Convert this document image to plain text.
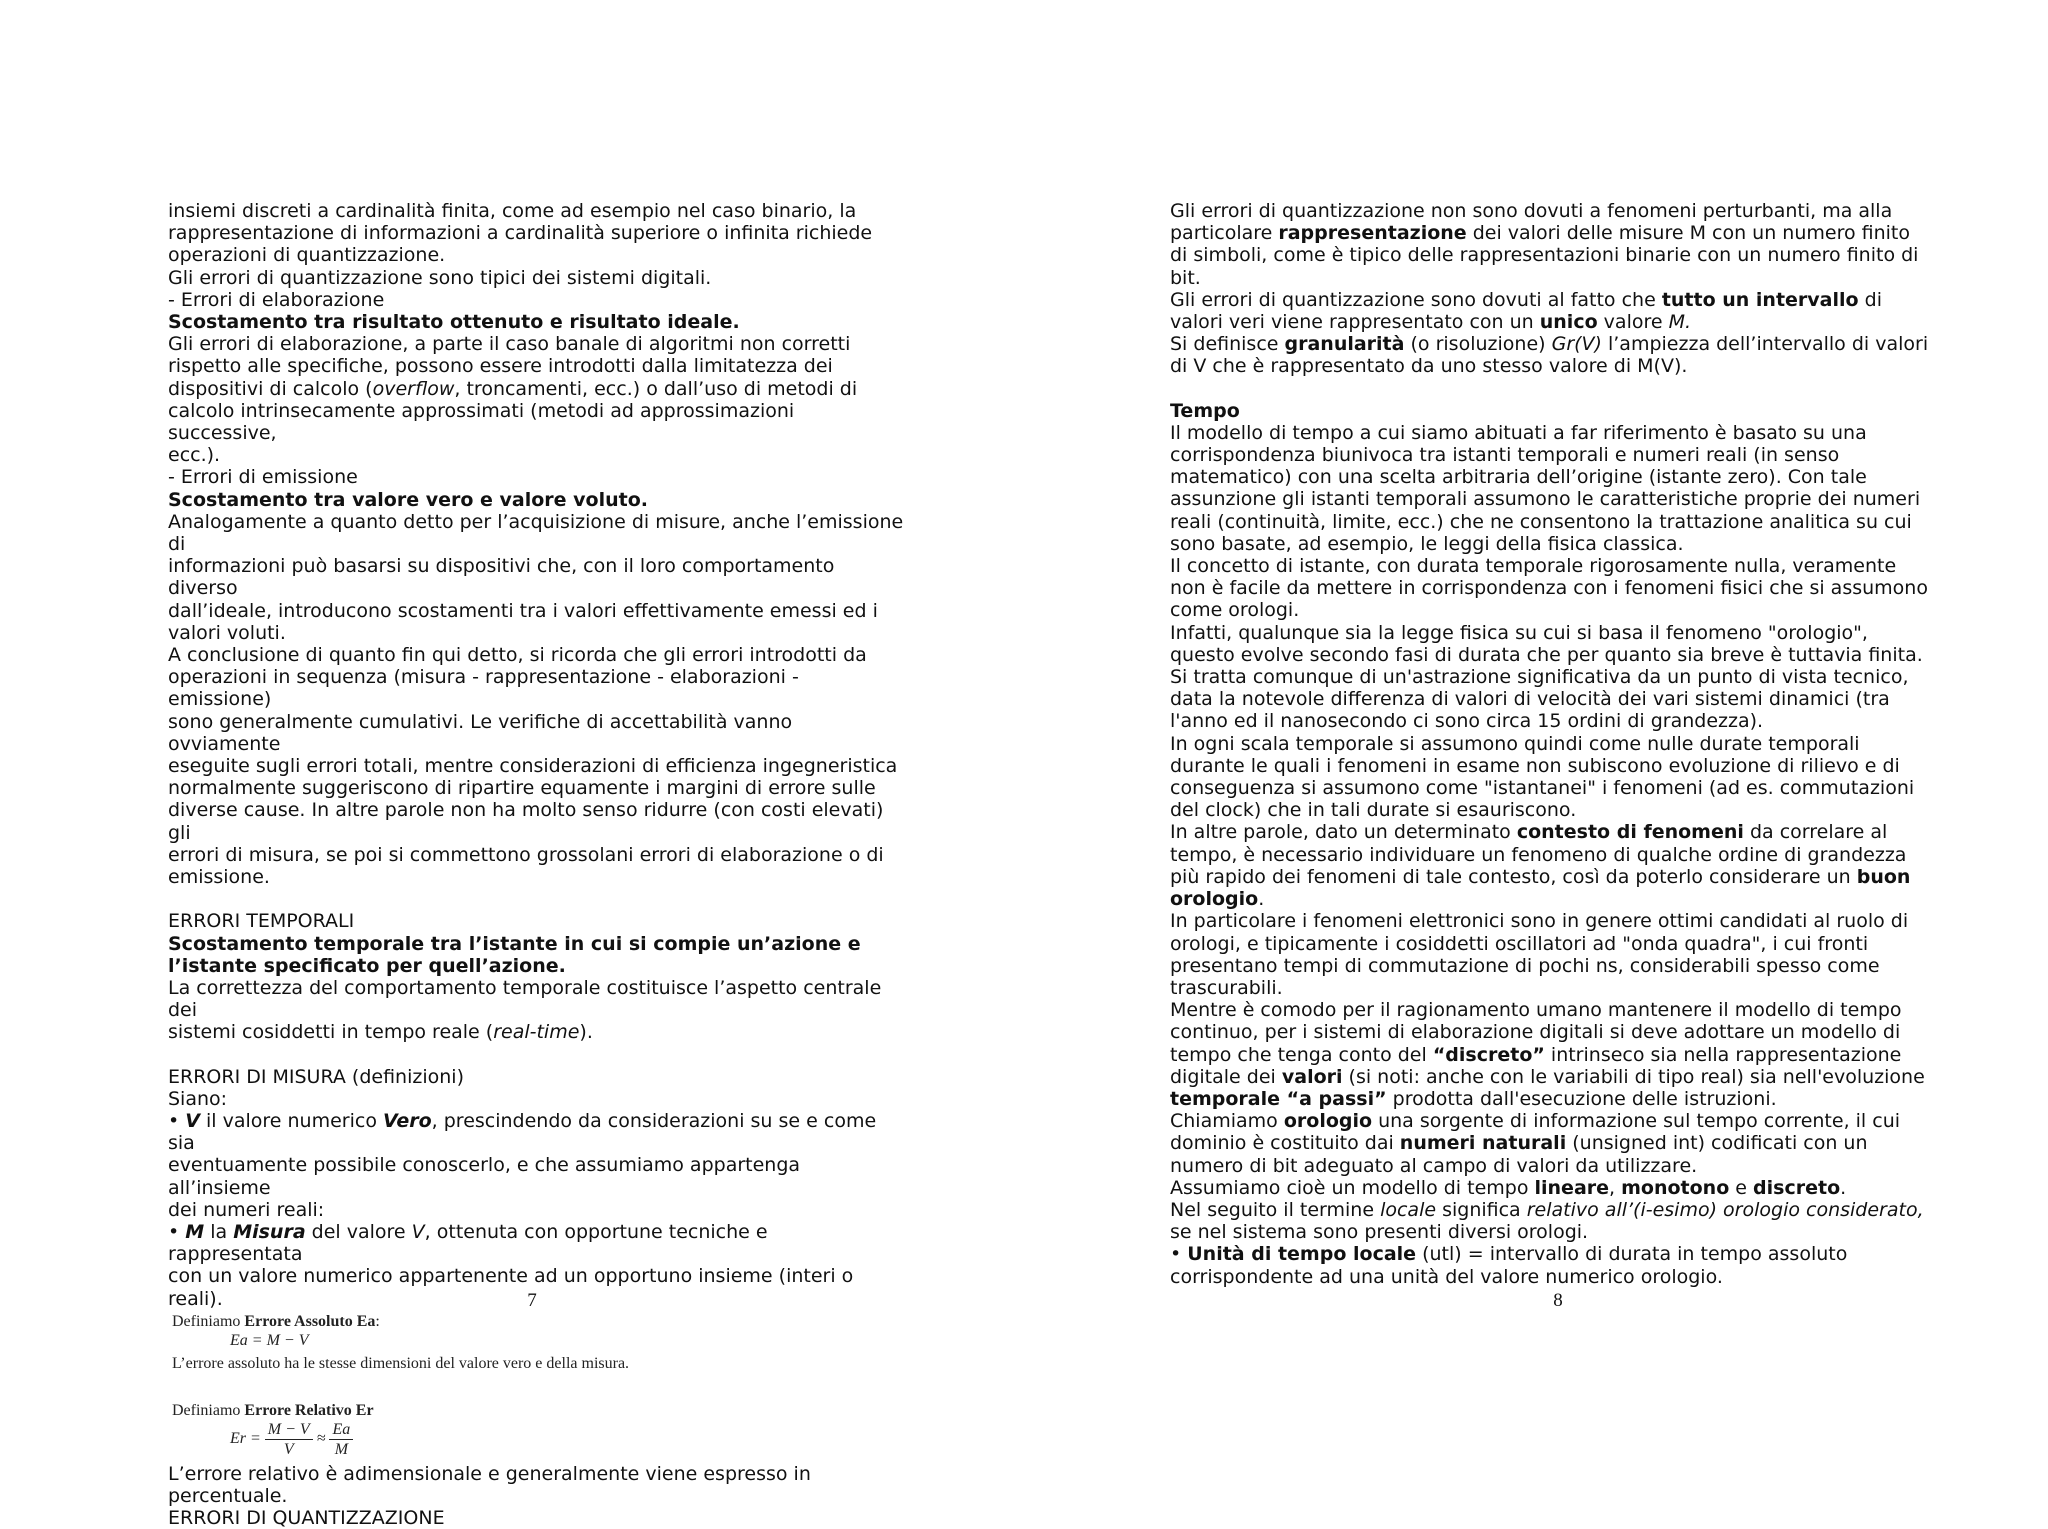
insiemi discreti a cardinalità finita, come ad esempio nel caso binario, la
rappresentazione di informazioni a cardinalità superiore o infinita richiede
operazioni di quantizzazione.
Gli errori di quantizzazione sono tipici dei sistemi digitali.
- Errori di elaborazione

Scostamento tra risultato ottenuto e risultato ideale.

Gli errori di elaborazione, a parte il caso banale di algoritmi non corretti
rispetto alle specifiche, possono essere introdotti dalla limitatezza dei
dispositivi di calcolo (overflow, troncamenti, ecc.) o dall’uso di metodi di
calcolo intrinsecamente approssimati (metodi ad approssimazioni successive,
ecc.).
- Errori di emissione

Scostamento tra valore vero e valore voluto.

Analogamente a quanto detto per l’acquisizione di misure, anche l’emissione di
informazioni può basarsi su dispositivi che, con il loro comportamento diverso
dall’ideale, introducono scostamenti tra i valori effettivamente emessi ed i
valori voluti.
A conclusione di quanto fin qui detto, si ricorda che gli errori introdotti da
operazioni in sequenza (misura - rappresentazione - elaborazioni - emissione)
sono generalmente cumulativi. Le verifiche di accettabilità vanno ovviamente
eseguite sugli errori totali, mentre considerazioni di efficienza ingegneristica
normalmente suggeriscono di ripartire equamente i margini di errore sulle
diverse cause. In altre parole non ha molto senso ridurre (con costi elevati) gli
errori di misura, se poi si commettono grossolani errori di elaborazione o di
emissione.

ERRORI TEMPORALI

Scostamento temporale tra l’istante in cui si compie un’azione e
l’istante specificato per quell’azione.

La correttezza del comportamento temporale costituisce l’aspetto centrale dei
sistemi cosiddetti in tempo reale (real-time).

ERRORI DI MISURA (definizioni)

Siano:

• V il valore numerico Vero, prescindendo da considerazioni su se e come sia
eventuamente possibile conoscerlo, e che assumiamo appartenga all’insieme
dei numeri reali:

• M la Misura del valore V, ottenuta con opportune tecniche e rappresentata
con un valore numerico appartenente ad un opportuno insieme (interi o reali).

Definiamo Errore Assoluto Ea:
Ea = M − V
L’errore assoluto ha le stesse dimensioni del valore vero e della misura.
Definiamo Errore Relativo Er
$Er = \frac{M - V}{V} \approx \frac{Ea}{M}$

L’errore relativo è adimensionale e generalmente viene espresso in
percentuale.

ERRORI DI QUANTIZZAZIONE

7

Gli errori di quantizzazione non sono dovuti a fenomeni perturbanti, ma alla
particolare rappresentazione dei valori delle misure M con un numero finito
di simboli, come è tipico delle rappresentazioni binarie con un numero finito di
bit.
Gli errori di quantizzazione sono dovuti al fatto che tutto un intervallo di
valori veri viene rappresentato con un unico valore M.
Si definisce granularità (o risoluzione) Gr(V) l’ampiezza dell’intervallo di valori
di V che è rappresentato da uno stesso valore di M(V).

Tempo

Il modello di tempo a cui siamo abituati a far riferimento è basato su una
corrispondenza biunivoca tra istanti temporali e numeri reali (in senso
matematico) con una scelta arbitraria dell’origine (istante zero). Con tale
assunzione gli istanti temporali assumono le caratteristiche proprie dei numeri
reali (continuità, limite, ecc.) che ne consentono la trattazione analitica su cui
sono basate, ad esempio, le leggi della fisica classica.
Il concetto di istante, con durata temporale rigorosamente nulla, veramente
non è facile da mettere in corrispondenza con i fenomeni fisici che si assumono
come orologi.
Infatti, qualunque sia la legge fisica su cui si basa il fenomeno "orologio",
questo evolve secondo fasi di durata che per quanto sia breve è tuttavia finita.
Si tratta comunque di un'astrazione significativa da un punto di vista tecnico,
data la notevole differenza di valori di velocità dei vari sistemi dinamici (tra
l'anno ed il nanosecondo ci sono circa 15 ordini di grandezza).
In ogni scala temporale si assumono quindi come nulle durate temporali
durante le quali i fenomeni in esame non subiscono evoluzione di rilievo e di
conseguenza si assumono come "istantanei" i fenomeni (ad es. commutazioni
del clock) che in tali durate si esauriscono.
In altre parole, dato un determinato contesto di fenomeni da correlare al
tempo, è necessario individuare un fenomeno di qualche ordine di grandezza
più rapido dei fenomeni di tale contesto, così da poterlo considerare un buon
orologio.
In particolare i fenomeni elettronici sono in genere ottimi candidati al ruolo di
orologi, e tipicamente i cosiddetti oscillatori ad "onda quadra", i cui fronti
presentano tempi di commutazione di pochi ns, considerabili spesso come
trascurabili.
Mentre è comodo per il ragionamento umano mantenere il modello di tempo
continuo, per i sistemi di elaborazione digitali si deve adottare un modello di
tempo che tenga conto del “discreto” intrinseco sia nella rappresentazione
digitale dei valori (si noti: anche con le variabili di tipo real) sia nell'evoluzione
temporale “a passi” prodotta dall'esecuzione delle istruzioni.
Chiamiamo orologio una sorgente di informazione sul tempo corrente, il cui
dominio è costituito dai numeri naturali (unsigned int) codificati con un
numero di bit adeguato al campo di valori da utilizzare.
Assumiamo cioè un modello di tempo lineare, monotono e discreto.
Nel seguito il termine locale significa relativo all’(i-esimo) orologio considerato,
se nel sistema sono presenti diversi orologi.
• Unità di tempo locale (utl) = intervallo di durata in tempo assoluto
corrispondente ad una unità del valore numerico orologio.

8
